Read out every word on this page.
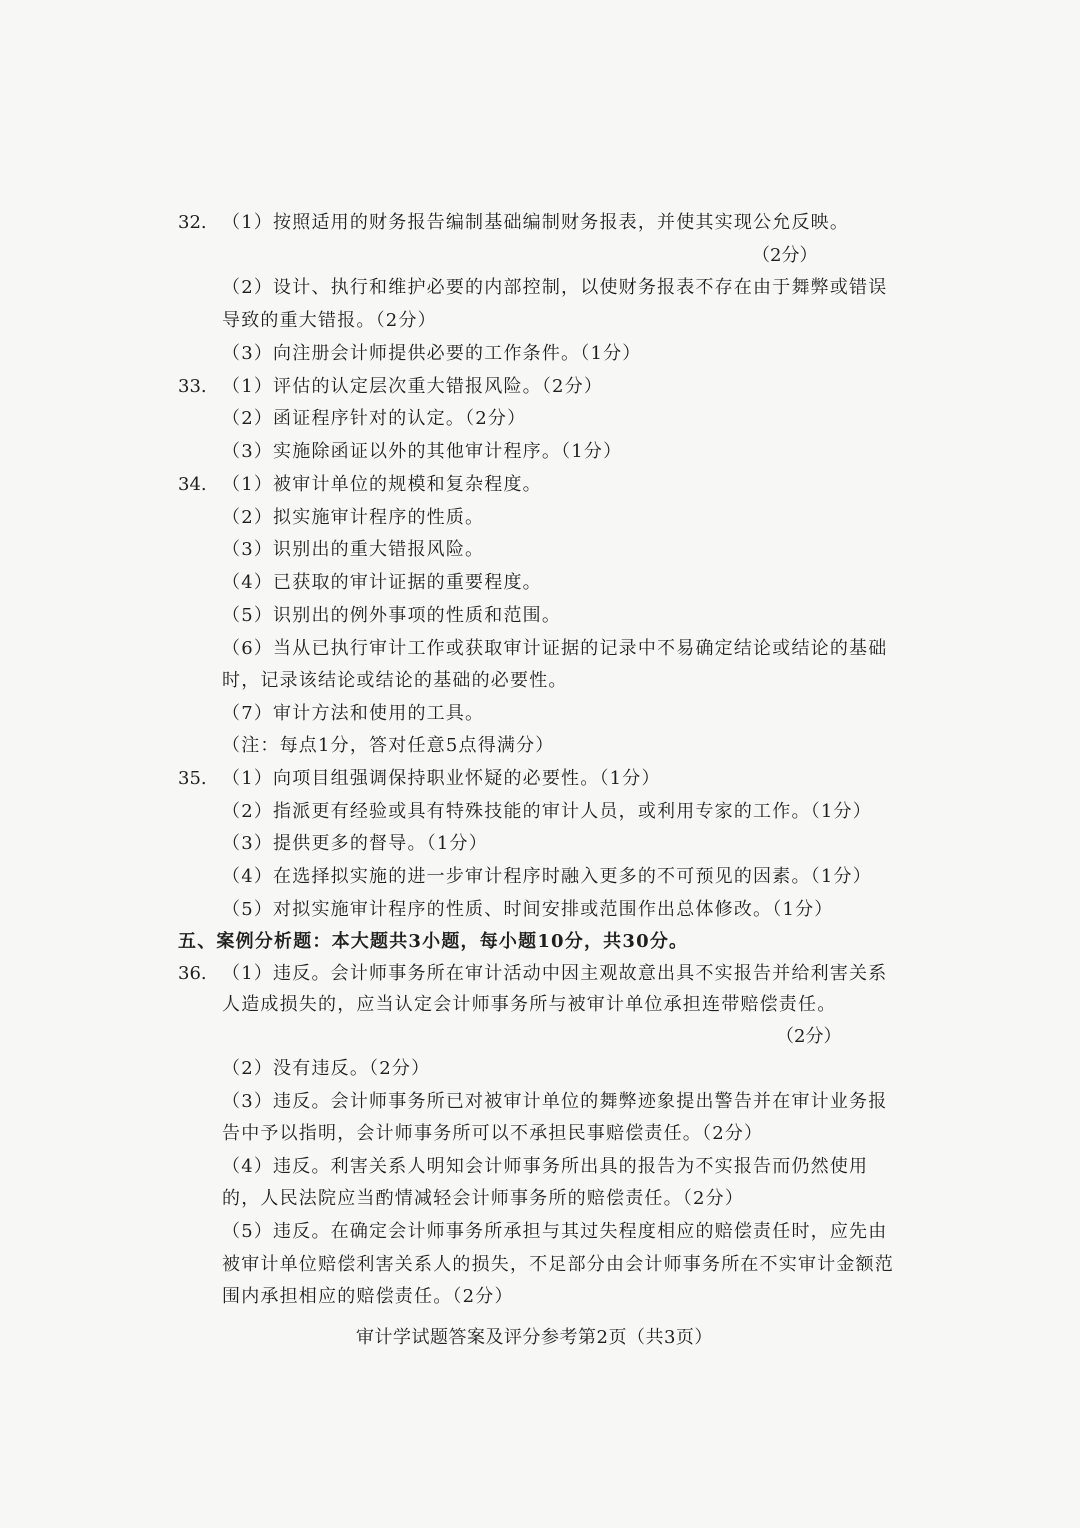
32. （1）按照适用的财务报告编制基础编制财务报表，并使其实现公允反映。
（2分）
（2）设计、执行和维护必要的内部控制，以使财务报表不存在由于舞弊或错误
导致的重大错报。（2分）
（3）向注册会计师提供必要的工作条件。（1分）
33. （1）评估的认定层次重大错报风险。（2分）
（2）函证程序针对的认定。（2分）
（3）实施除函证以外的其他审计程序。（1分）
34. （1）被审计单位的规模和复杂程度。
（2）拟实施审计程序的性质。
（3）识别出的重大错报风险。
（4）已获取的审计证据的重要程度。
（5）识别出的例外事项的性质和范围。
（6）当从已执行审计工作或获取审计证据的记录中不易确定结论或结论的基础
时，记录该结论或结论的基础的必要性。
（7）审计方法和使用的工具。
（注：每点1分，答对任意5点得满分）
35. （1）向项目组强调保持职业怀疑的必要性。（1分）
（2）指派更有经验或具有特殊技能的审计人员，或利用专家的工作。（1分）
（3）提供更多的督导。（1分）
（4）在选择拟实施的进一步审计程序时融入更多的不可预见的因素。（1分）
（5）对拟实施审计程序的性质、时间安排或范围作出总体修改。（1分）
五、案例分析题：本大题共3小题，每小题10分，共30分。
36. （1）违反。会计师事务所在审计活动中因主观故意出具不实报告并给利害关系
人造成损失的，应当认定会计师事务所与被审计单位承担连带赔偿责任。
（2分）
（2）没有违反。（2分）
（3）违反。会计师事务所已对被审计单位的舞弊迹象提出警告并在审计业务报
告中予以指明，会计师事务所可以不承担民事赔偿责任。（2分）
（4）违反。利害关系人明知会计师事务所出具的报告为不实报告而仍然使用
的，人民法院应当酌情减轻会计师事务所的赔偿责任。（2分）
（5）违反。在确定会计师事务所承担与其过失程度相应的赔偿责任时，应先由
被审计单位赔偿利害关系人的损失，不足部分由会计师事务所在不实审计金额范
围内承担相应的赔偿责任。（2分）
审计学试题答案及评分参考第2页（共3页）
